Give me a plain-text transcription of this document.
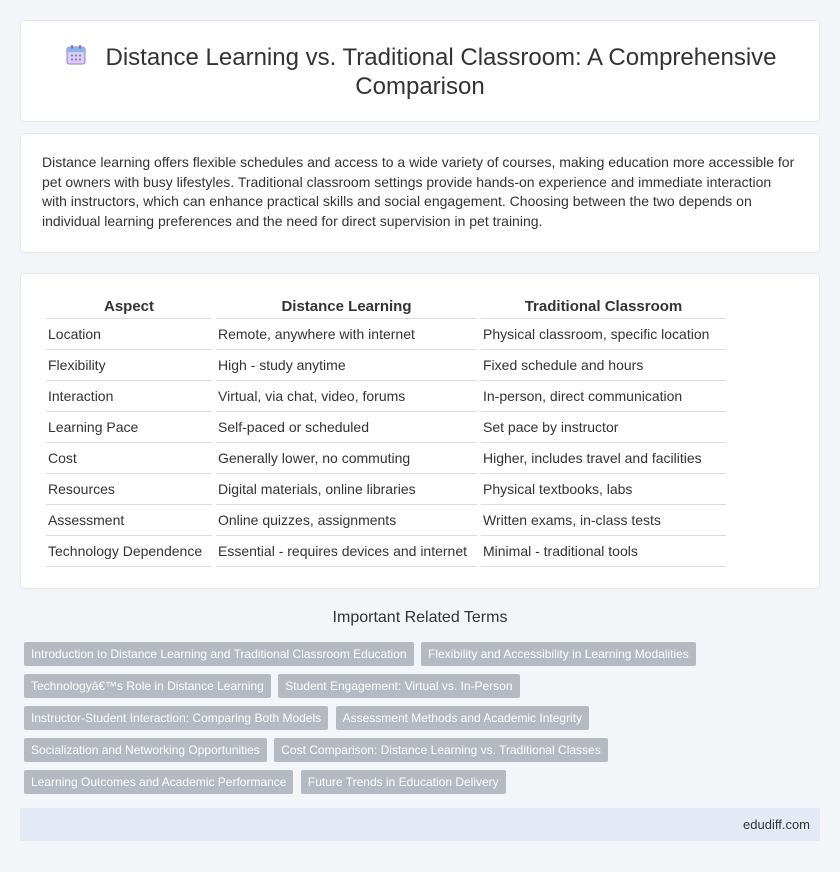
Distance Learning vs. Traditional Classroom: A Comprehensive Comparison

Distance learning offers flexible schedules and access to a wide variety of courses, making education more accessible for pet owners with busy lifestyles. Traditional classroom settings provide hands-on experience and immediate interaction with instructors, which can enhance practical skills and social engagement. Choosing between the two depends on individual learning preferences and the need for direct supervision in pet training.

Aspect	Distance Learning	Traditional Classroom
Location	Remote, anywhere with internet	Physical classroom, specific location
Flexibility	High - study anytime	Fixed schedule and hours
Interaction	Virtual, via chat, video, forums	In-person, direct communication
Learning Pace	Self-paced or scheduled	Set pace by instructor
Cost	Generally lower, no commuting	Higher, includes travel and facilities
Resources	Digital materials, online libraries	Physical textbooks, labs
Assessment	Online quizzes, assignments	Written exams, in-class tests
Technology Dependence	Essential - requires devices and internet	Minimal - traditional tools
Important Related Terms
Introduction to Distance Learning and Traditional Classroom Education Flexibility and Accessibility in Learning Modalities Technologyâ€™s Role in Distance Learning Student Engagement: Virtual vs. In-Person Instructor-Student Interaction: Comparing Both Models Assessment Methods and Academic Integrity Socialization and Networking Opportunities Cost Comparison: Distance Learning vs. Traditional Classes Learning Outcomes and Academic Performance Future Trends in Education Delivery
edudiff.com
